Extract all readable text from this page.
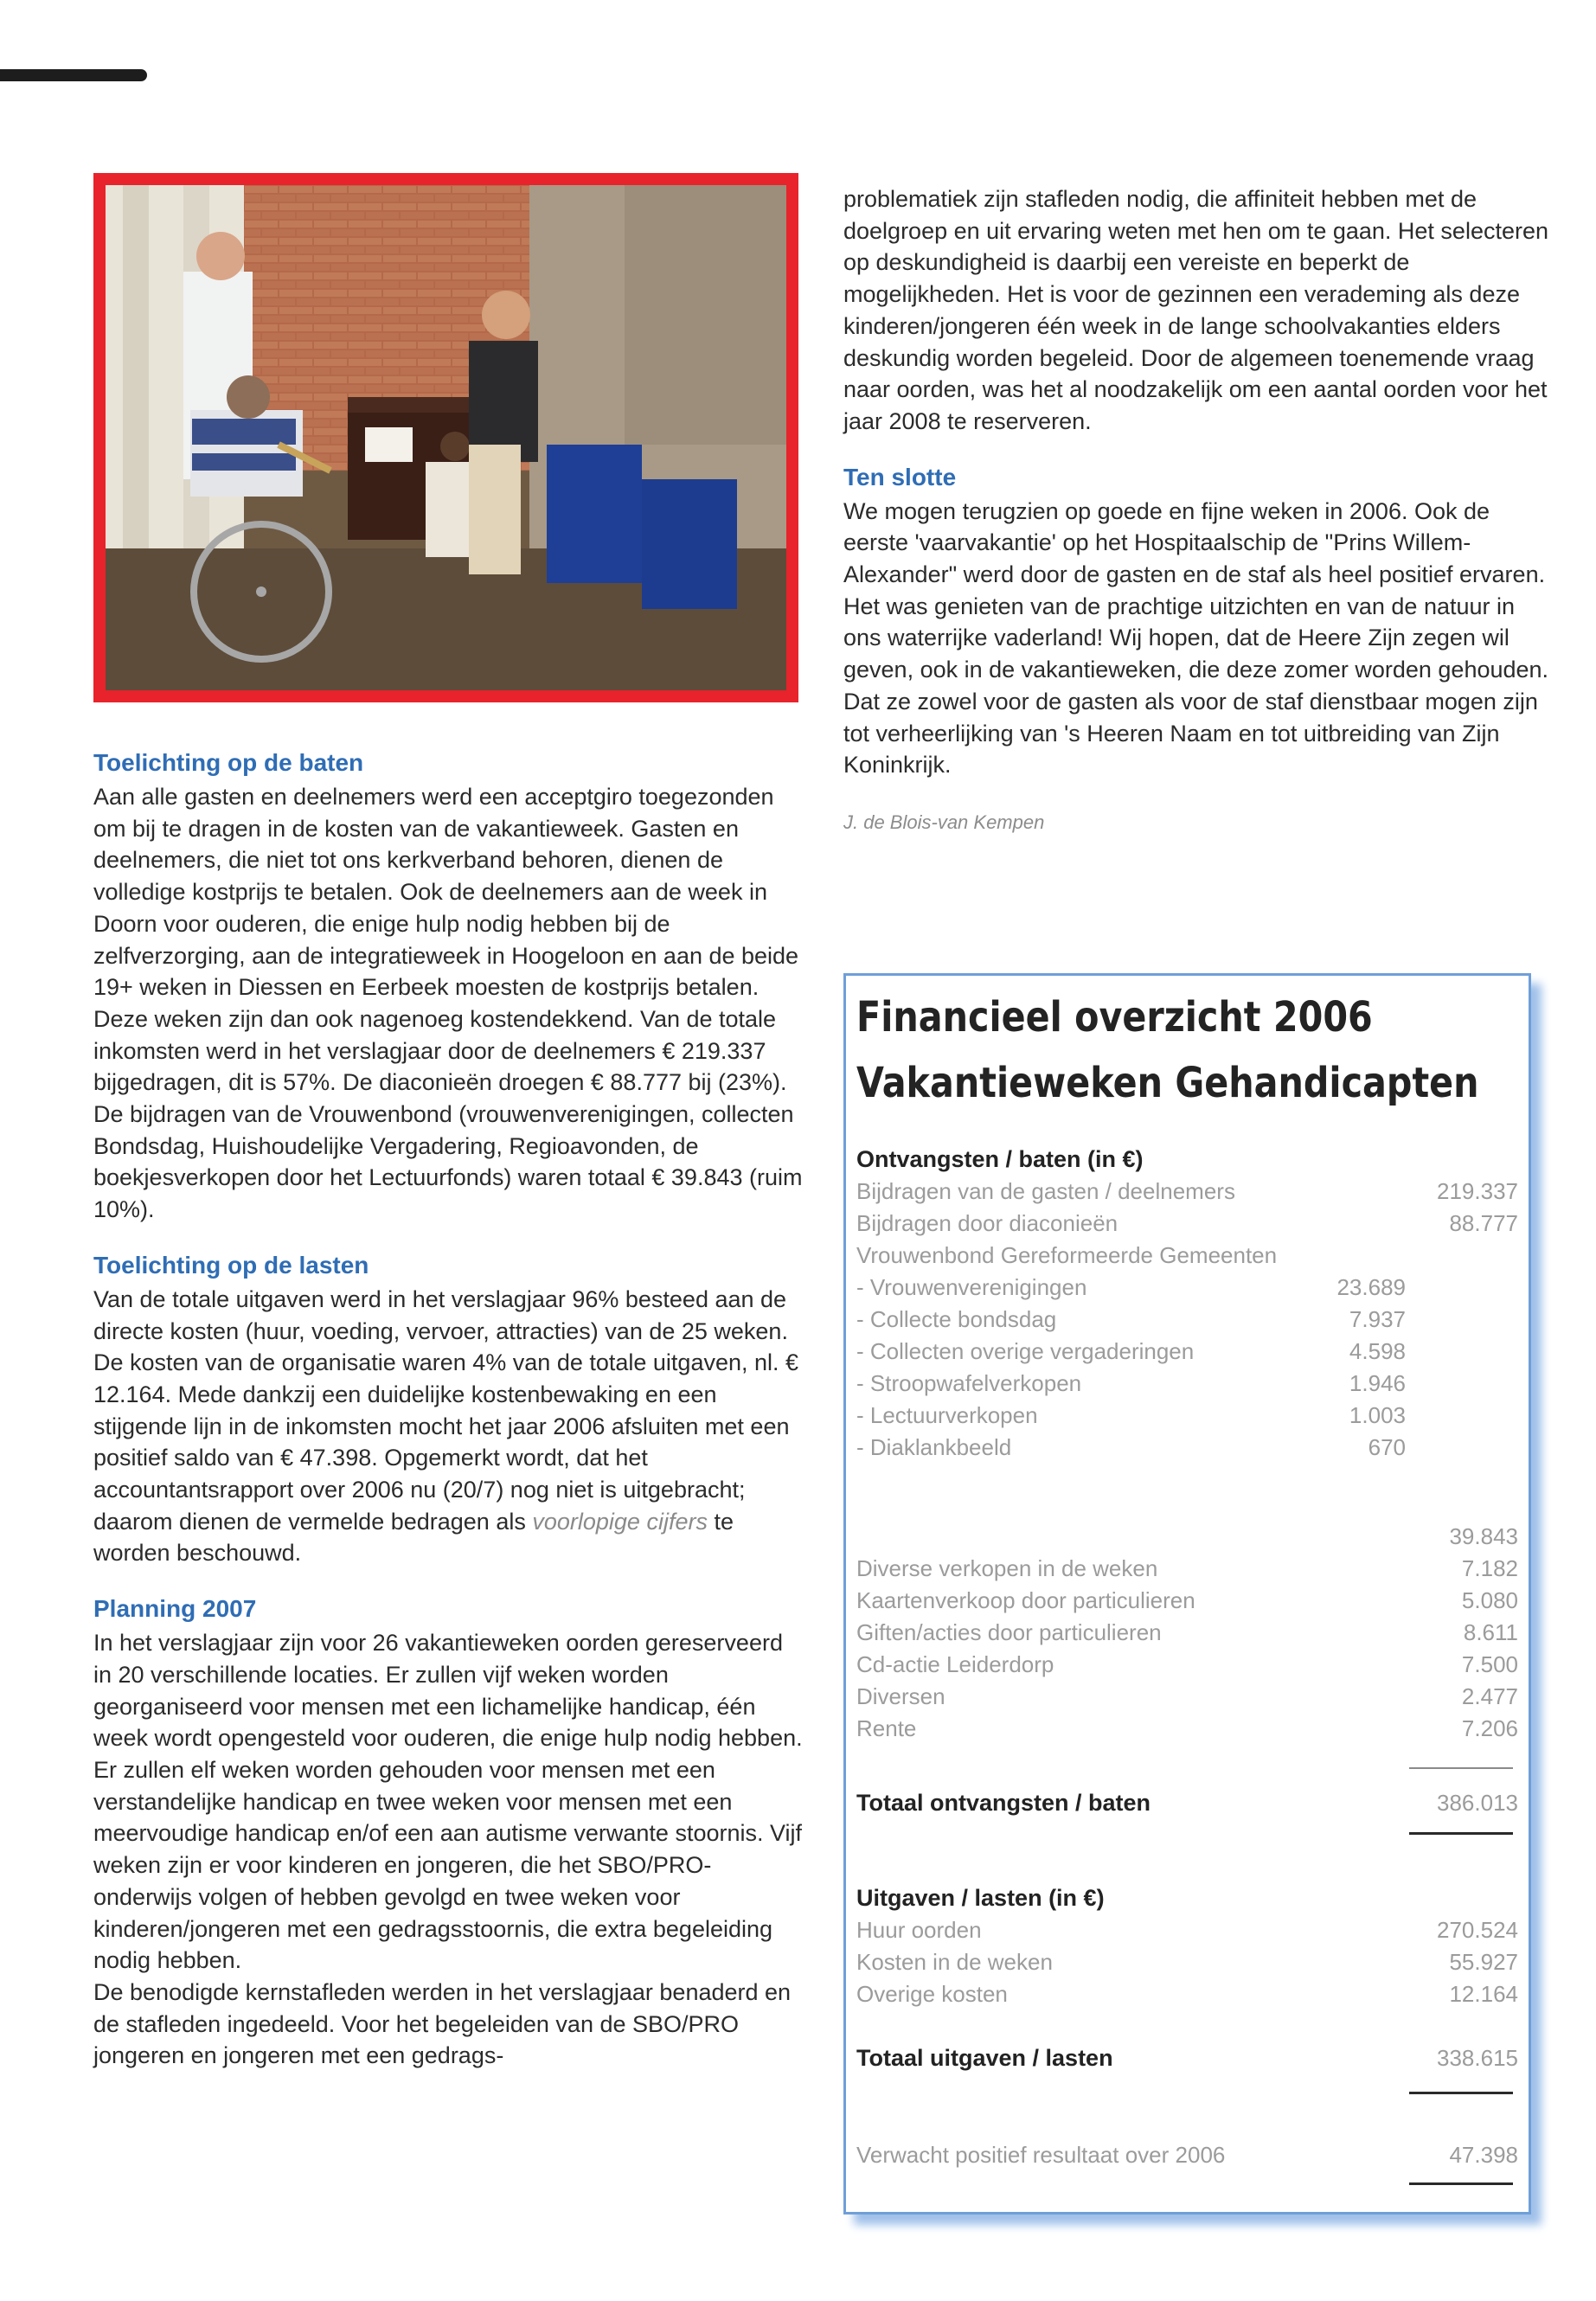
Toelichting op de baten

Aan alle gasten en deelnemers werd een acceptgiro toegezonden om bij te dragen in de kosten van de vakantieweek. Gasten en deelnemers, die niet tot ons kerkverband behoren, dienen de volledige kostprijs te betalen. Ook de deelnemers aan de week in Doorn voor ouderen, die enige hulp nodig hebben bij de zelfverzorging, aan de integratieweek in Hoogeloon en aan de beide 19+ weken in Diessen en Eerbeek moesten de kostprijs betalen. Deze weken zijn dan ook nagenoeg kostendekkend. Van de totale inkomsten werd in het verslagjaar door de deelnemers € 219.337 bijgedragen, dit is 57%. De diaconieën droegen € 88.777 bij (23%). De bijdragen van de Vrouwenbond (vrouwenverenigingen, collecten Bondsdag, Huishoudelijke Vergadering, Regioavonden, de boekjesverkopen door het Lectuurfonds) waren totaal € 39.843 (ruim 10%).

Toelichting op de lasten

Van de totale uitgaven werd in het verslagjaar 96% besteed aan de directe kosten (huur, voeding, vervoer, attracties) van de 25 weken. De kosten van de organisatie waren 4% van de totale uitgaven, nl. € 12.164. Mede dankzij een duidelijke kostenbewaking en een stijgende lijn in de inkomsten mocht het jaar 2006 afsluiten met een positief saldo van € 47.398. Opgemerkt wordt, dat het accountantsrapport over 2006 nu (20/7) nog niet is uitgebracht; daarom dienen de vermelde bedragen als voorlopige cijfers te worden beschouwd.

Planning 2007

In het verslagjaar zijn voor 26 vakantieweken oorden gereserveerd in 20 verschillende locaties. Er zullen vijf weken worden georganiseerd voor mensen met een lichamelijke handicap, één week wordt opengesteld voor ouderen, die enige hulp nodig hebben. Er zullen elf weken worden gehouden voor mensen met een verstandelijke handicap en twee weken voor mensen met een meervoudige handicap en/of een aan autisme verwante stoornis. Vijf weken zijn er voor kinderen en jongeren, die het SBO/PRO-onderwijs volgen of hebben gevolgd en twee weken voor kinderen/jongeren met een gedragsstoornis, die extra begeleiding nodig hebben.

De benodigde kernstafleden werden in het verslagjaar benaderd en de stafleden ingedeeld. Voor het begeleiden van de SBO/PRO jongeren en jongeren met een gedrags-

problematiek zijn stafleden nodig, die affiniteit hebben met de doelgroep en uit ervaring weten met hen om te gaan. Het selecteren op deskundigheid is daarbij een vereiste en beperkt de mogelijkheden. Het is voor de gezinnen een verademing als deze kinderen/jongeren één week in de lange schoolvakanties elders deskundig worden begeleid. Door de algemeen toenemende vraag naar oorden, was het al noodzakelijk om een aantal oorden voor het jaar 2008 te reserveren.

Ten slotte

We mogen terugzien op goede en fijne weken in 2006. Ook de eerste 'vaarvakantie' op het Hospitaalschip de "Prins Willem-Alexander" werd door de gasten en de staf als heel positief ervaren. Het was genieten van de prachtige uitzichten en van de natuur in ons waterrijke vaderland! Wij hopen, dat de Heere Zijn zegen wil geven, ook in de vakantieweken, die deze zomer worden gehouden. Dat ze zowel voor de gasten als voor de staf dienstbaar mogen zijn tot verheerlijking van 's Heeren Naam en tot uitbreiding van Zijn Koninkrijk.

J. de Blois-van Kempen
Financieel overzicht 2006
Vakantieweken Gehandicapten
Ontvangsten / baten (in €)
Bijdragen van de gasten / deelnemers	219.337
Bijdragen door diaconieën	88.777
Vrouwenbond Gereformeerde Gemeenten
- Vrouwenverenigingen	23.689
- Collecte bondsdag	7.937
- Collecten overige vergaderingen	4.598
- Stroopwafelverkopen	1.946
- Lectuurverkopen	1.003
- Diaklankbeeld	670
39.843
Diverse verkopen in de weken	7.182
Kaartenverkoop door particulieren	5.080
Giften/acties door particulieren	8.611
Cd-actie Leiderdorp	7.500
Diversen	2.477
Rente	7.206
Totaal ontvangsten / baten	386.013
Uitgaven / lasten (in €)
Huur oorden	270.524
Kosten in de weken	55.927
Overige kosten	12.164
Totaal uitgaven / lasten	338.615
Verwacht positief resultaat over 2006	47.398
